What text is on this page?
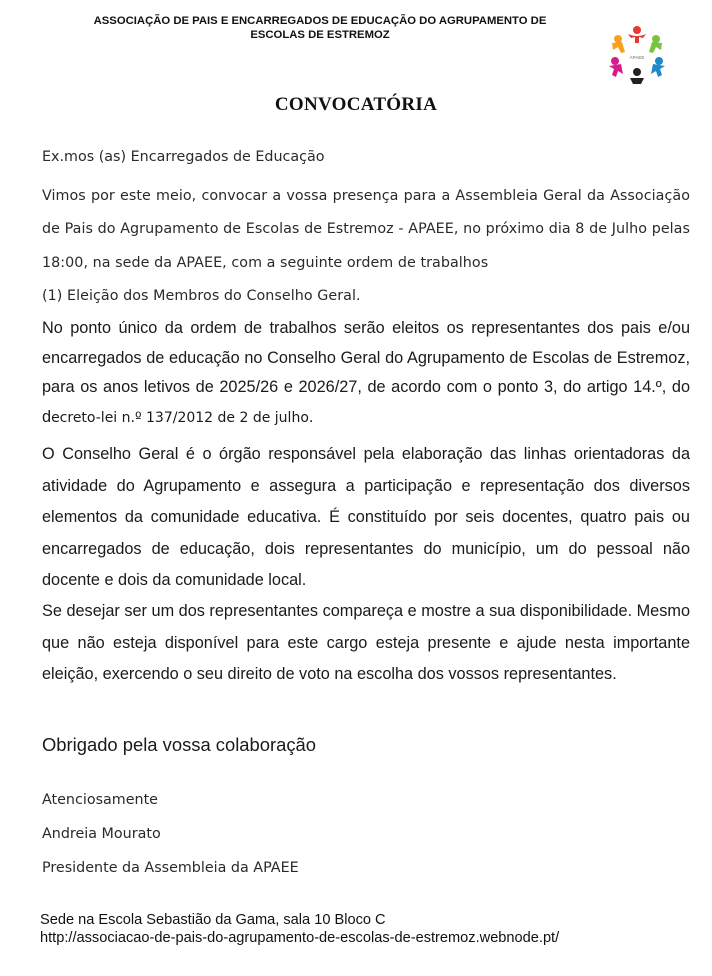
ASSOCIAÇÃO DE PAIS E ENCARREGADOS DE EDUCAÇÃO DO AGRUPAMENTO DE
ESCOLAS DE ESTREMOZ
APAEE
CONVOCATÓRIA

Ex.mos (as) Encarregados de Educação

Vimos por este meio, convocar a vossa presença para a Assembleia Geral da Associação de Pais do Agrupamento de Escolas de Estremoz - APAEE, no próximo dia 8 de Julho pelas 18:00, na sede da APAEE, com a seguinte ordem de trabalhos
(1) Eleição dos Membros do Conselho Geral.

No ponto único da ordem de trabalhos serão eleitos os representantes dos pais e/ou encarregados de educação no Conselho Geral do Agrupamento de Escolas de Estremoz, para os anos letivos de 2025/26 e 2026/27, de acordo com o ponto 3, do artigo 14.º, do decreto-lei n.º 137/2012 de 2 de julho.

O Conselho Geral é o órgão responsável pela elaboração das linhas orientadoras da atividade do Agrupamento e assegura a participação e representação dos diversos elementos da comunidade educativa. É constituído por seis docentes, quatro pais ou encarregados de educação, dois representantes do município, um do pessoal não docente e dois da comunidade local.

Se desejar ser um dos representantes compareça e mostre a sua disponibilidade. Mesmo que não esteja disponível para este cargo esteja presente e ajude nesta importante eleição, exercendo o seu direito de voto na escolha dos vossos representantes.

Obrigado pela vossa colaboração
Atenciosamente
Andreia Mourato
Presidente da Assembleia da APAEE
Sede na Escola Sebastião da Gama, sala 10 Bloco C
http://associacao-de-pais-do-agrupamento-de-escolas-de-estremoz.webnode.pt/
